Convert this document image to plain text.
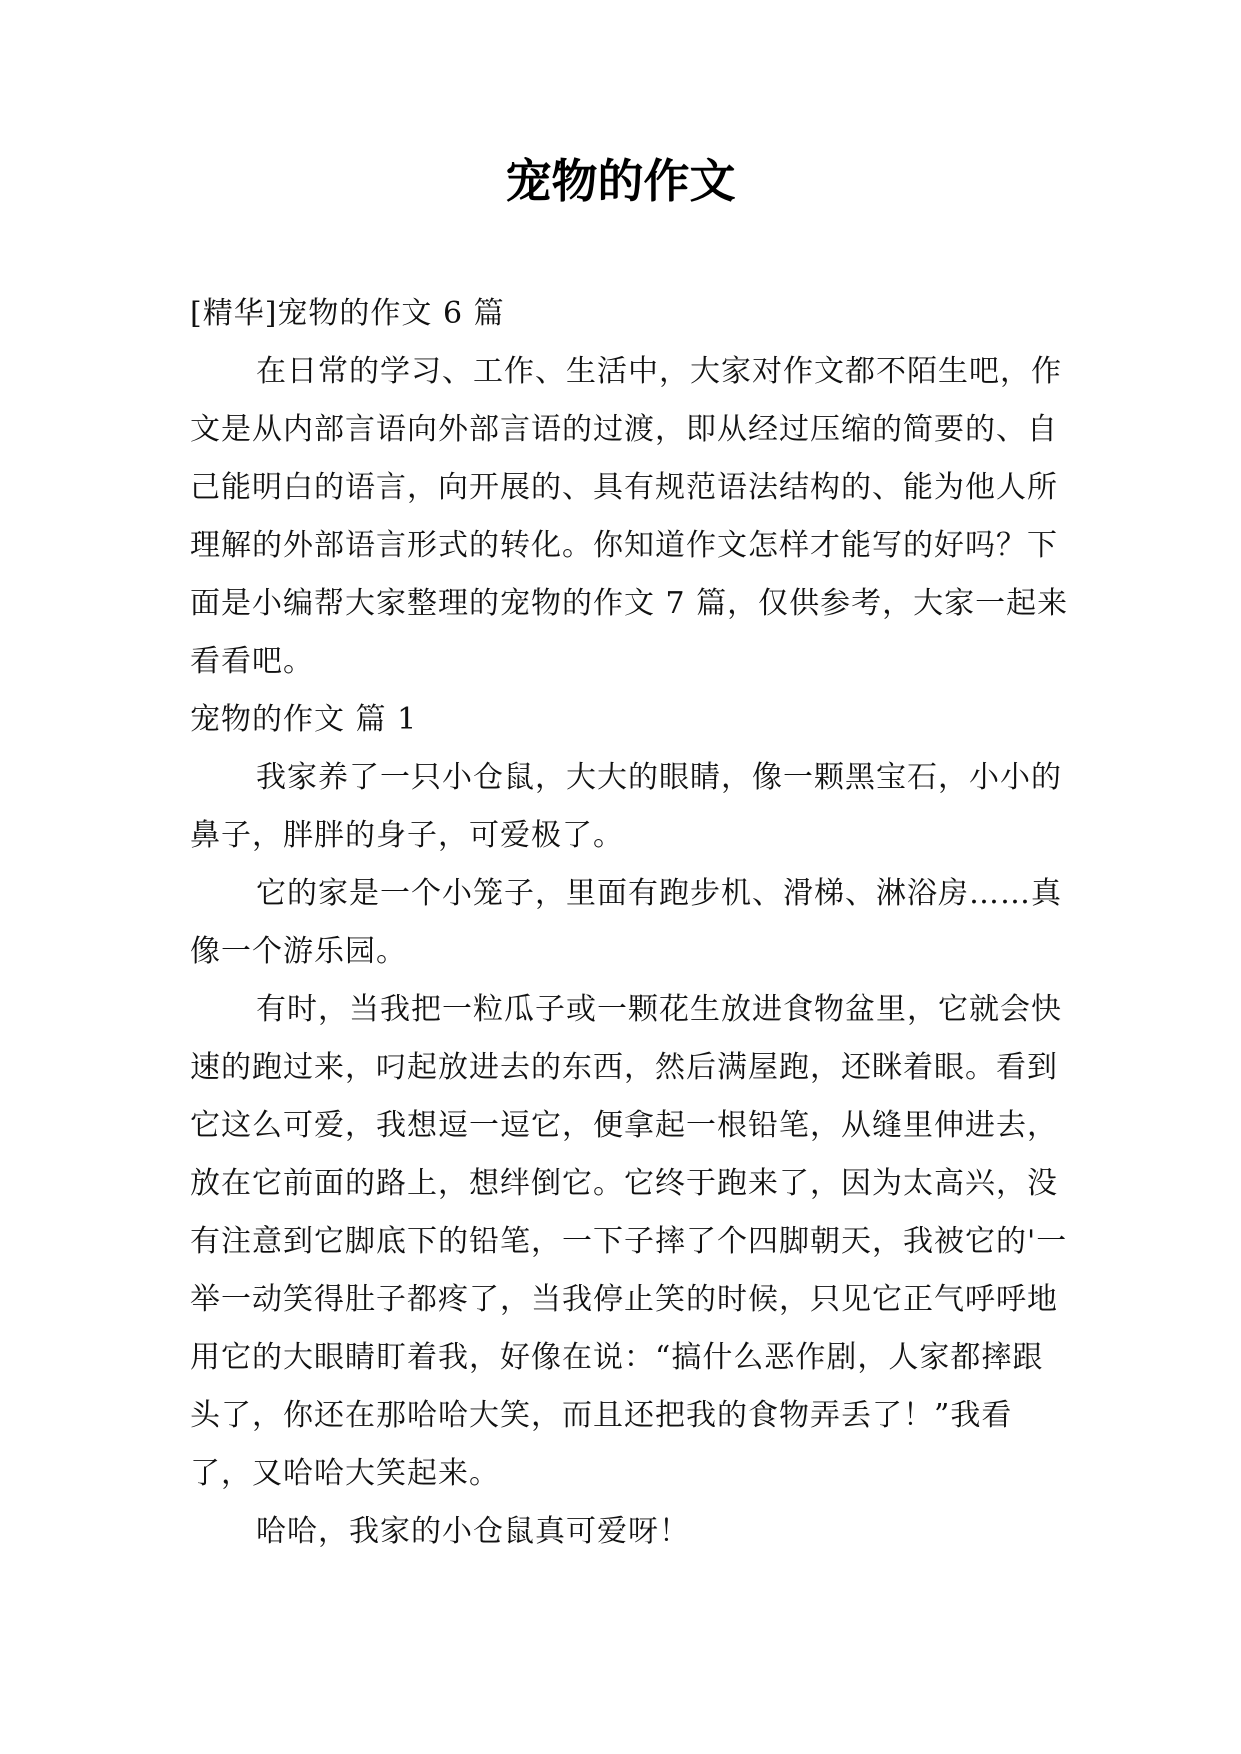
宠物的作文

[精华]宠物的作文 6 篇

在日常的学习、工作、生活中，大家对作文都不陌生吧，作文是从内部言语向外部言语的过渡，即从经过压缩的简要的、自己能明白的语言，向开展的、具有规范语法结构的、能为他人所理解的外部语言形式的转化。你知道作文怎样才能写的好吗？下面是小编帮大家整理的宠物的作文 7 篇，仅供参考，大家一起来看看吧。

宠物的作文 篇 1

我家养了一只小仓鼠，大大的眼睛，像一颗黑宝石，小小的鼻子，胖胖的身子，可爱极了。

它的家是一个小笼子，里面有跑步机、滑梯、淋浴房……真像一个游乐园。

有时，当我把一粒瓜子或一颗花生放进食物盆里，它就会快速的跑过来，叼起放进去的东西，然后满屋跑，还眯着眼。看到它这么可爱，我想逗一逗它，便拿起一根铅笔，从缝里伸进去，放在它前面的路上，想绊倒它。它终于跑来了，因为太高兴，没有注意到它脚底下的铅笔，一下子摔了个四脚朝天，我被它的'一举一动笑得肚子都疼了，当我停止笑的时候，只见它正气呼呼地用它的大眼睛盯着我，好像在说：“搞什么恶作剧，人家都摔跟头了，你还在那哈哈大笑，而且还把我的食物弄丢了！”我看了，又哈哈大笑起来。

哈哈，我家的小仓鼠真可爱呀！
